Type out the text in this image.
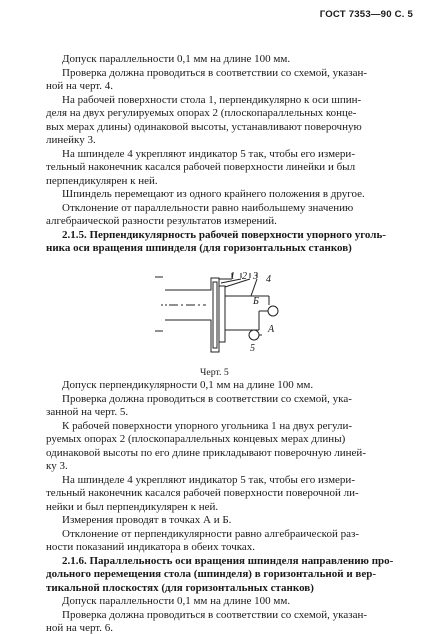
ГОСТ 7353—90 С. 5
Допуск параллельности 0,1 мм на длине 100 мм.
Проверка должна проводиться в соответствии со схемой, указан-
ной на черт. 4.
На рабочей поверхности стола 1, перпендикулярно к оси шпин-
деля на двух регулируемых опорах 2 (плоскопараллельных конце-
вых мерах длины) одинаковой высоты, устанавливают поверочную
линейку 3.
На шпинделе 4 укрепляют индикатор 5 так, чтобы его измери-
тельный наконечник касался рабочей поверхности линейки и был
перпендикулярен к ней.
Шпиндель перемещают из одного крайнего положения в другое.
Отклонение от параллельности равно наибольшему значению
алгебраической разности результатов измерений.
2.1.5. Перпендикулярность рабочей поверхности упорного уголь-
ника оси вращения шпинделя (для горизонтальных станков)
1 2 3 4
5
А
Б
Черт. 5
Допуск перпендикулярности 0,1 мм на длине 100 мм.
Проверка должна проводиться в соответствии со схемой, ука-
занной на черт. 5.
К рабочей поверхности упорного угольника 1 на двух регули-
руемых опорах 2 (плоскопараллельных концевых мерах длины)
одинаковой высоты по его длине прикладывают поверочную линей-
ку 3.
На шпинделе 4 укрепляют индикатор 5 так, чтобы его измери-
тельный наконечник касался рабочей поверхности поверочной ли-
нейки и был перпендикулярен к ней.
Измерения проводят в точках А и Б.
Отклонение от перпендикулярности равно алгебраической раз-
ности показаний индикатора в обеих точках.
2.1.6. Параллельность оси вращения шпинделя направлению про-
дольного перемещения стола (шпинделя) в горизонтальной и вер-
тикальной плоскостях (для горизонтальных станков)
Допуск параллельности 0,1 мм на длине 100 мм.
Проверка должна проводиться в соответствии со схемой, указан-
ной на черт. 6.
